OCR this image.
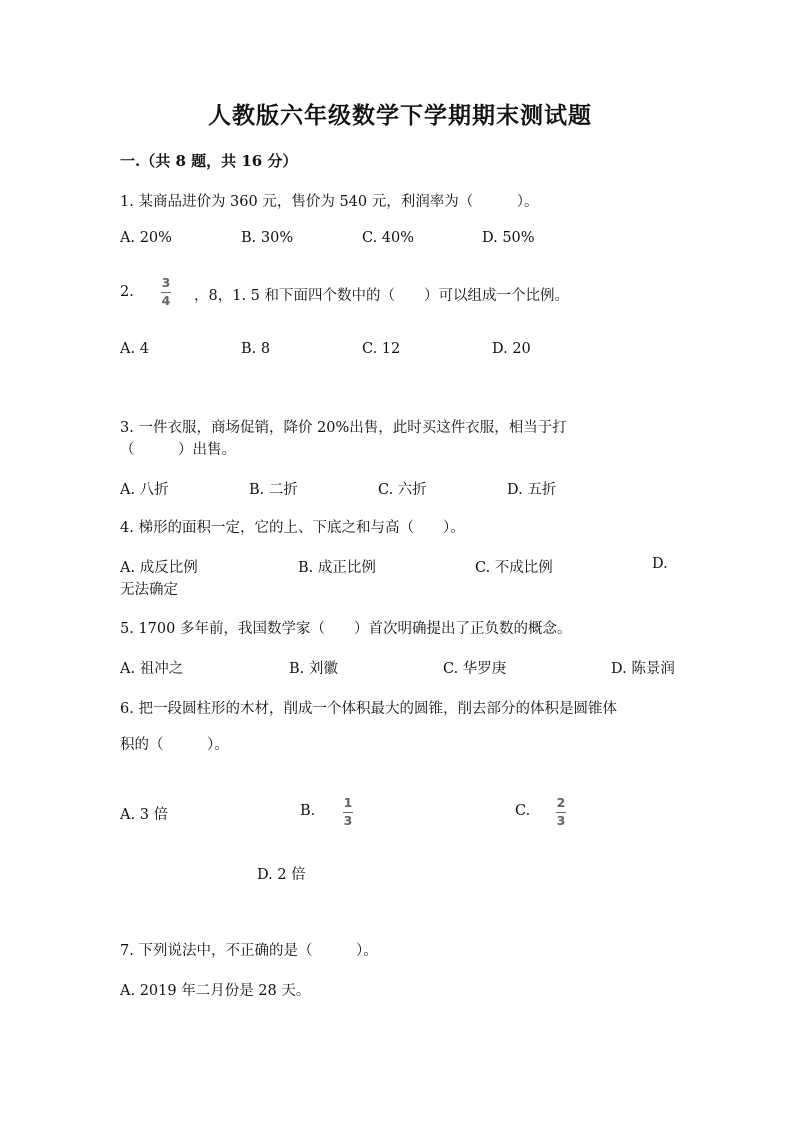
人教版六年级数学下学期期末测试题
一.（共 8 题，共 16 分）
1. 某商品进价为 360 元，售价为 540 元，利润率为（　　　）。
A. 20%	B. 30%	C. 40%	D. 50%
2.
3
4 ，8，1. 5 和下面四个数中的（　　）可以组成一个比例。
A. 4	B. 8	C. 12	D. 20
3. 一件衣服，商场促销，降价 20%出售，此时买这件衣服，相当于打
（　　　）出售。
A. 八折	B. 二折	C. 六折	D. 五折
4. 梯形的面积一定，它的上、下底之和与高（　　）。
A. 成反比例	B. 成正比例	C. 不成比例	D.
无法确定
5. 1700 多年前，我国数学家（　　）首次明确提出了正负数的概念。
A. 祖冲之	B. 刘徽	C. 华罗庚	D. 陈景润
6. 把一段圆柱形的木材，削成一个体积最大的圆锥，削去部分的体积是圆锥体
积的（　　　）。
A. 3 倍	B.
1
3
C.
2
3
D. 2 倍
7. 下列说法中，不正确的是（　　　）。
A. 2019 年二月份是 28 天。
